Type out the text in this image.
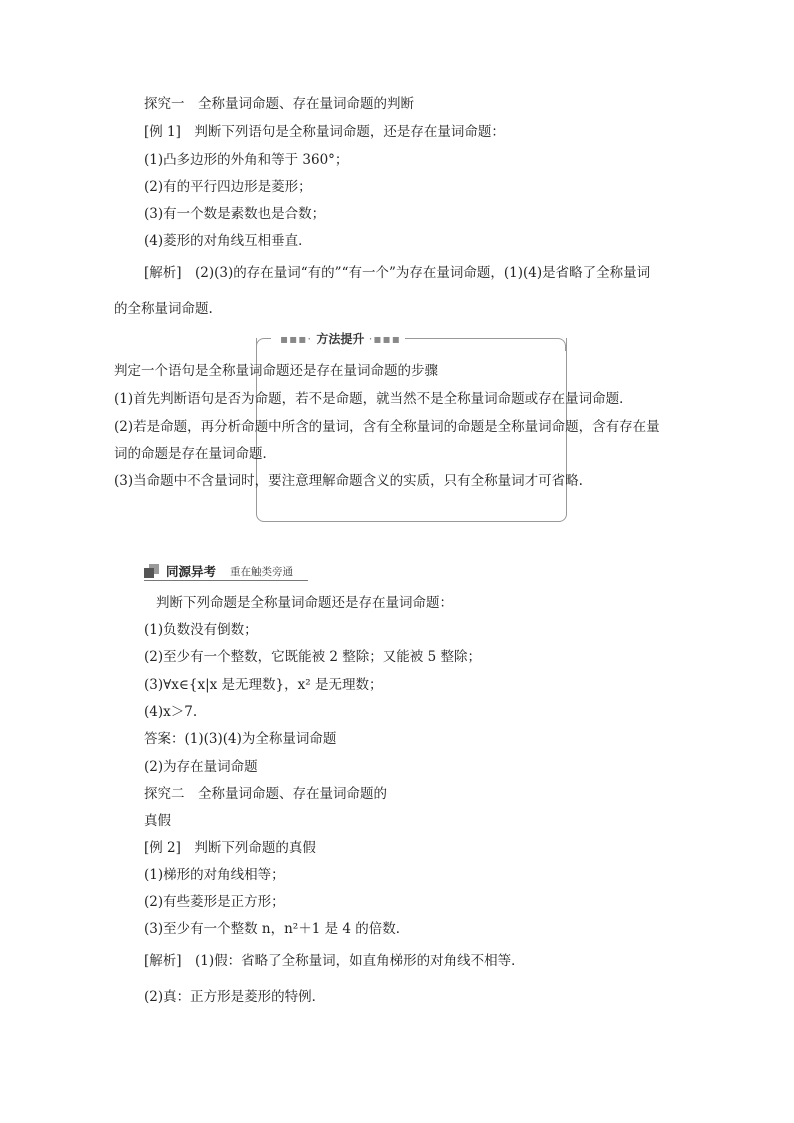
探究一　全称量词命题、存在量词命题的判断
[例 1]　判断下列语句是全称量词命题，还是存在量词命题：
(1)凸多边形的外角和等于 360°；
(2)有的平行四边形是菱形；
(3)有一个数是素数也是合数；
(4)菱形的对角线互相垂直．
[解析]　(2)(3)的存在量词“有的”“有一个”为存在量词命题，(1)(4)是省略了全称量词
的全称量词命题.
▪▪▪· 方法提升 ·▪▪▪
判定一个语句是全称量词命题还是存在量词命题的步骤
(1)首先判断语句是否为命题，若不是命题，就当然不是全称量词命题或存在量词命题．
(2)若是命题，再分析命题中所含的量词，含有全称量词的命题是全称量词命题，含有存在量
词的命题是存在量词命题．
(3)当命题中不含量词时，要注意理解命题含义的实质，只有全称量词才可省略.
同源异考 重在触类旁通
判断下列命题是全称量词命题还是存在量词命题：
(1)负数没有倒数；
(2)至少有一个整数，它既能被 2 整除；又能被 5 整除；
(3)∀x∈{x|x 是无理数}，x² 是无理数；
(4)x＞7.
答案：(1)(3)(4)为全称量词命题
(2)为存在量词命题
探究二　全称量词命题、存在量词命题的
真假
[例 2]　判断下列命题的真假
(1)梯形的对角线相等；
(2)有些菱形是正方形；
(3)至少有一个整数 n，n²＋1 是 4 的倍数．
[解析]　(1)假：省略了全称量词，如直角梯形的对角线不相等．
(2)真：正方形是菱形的特例．
